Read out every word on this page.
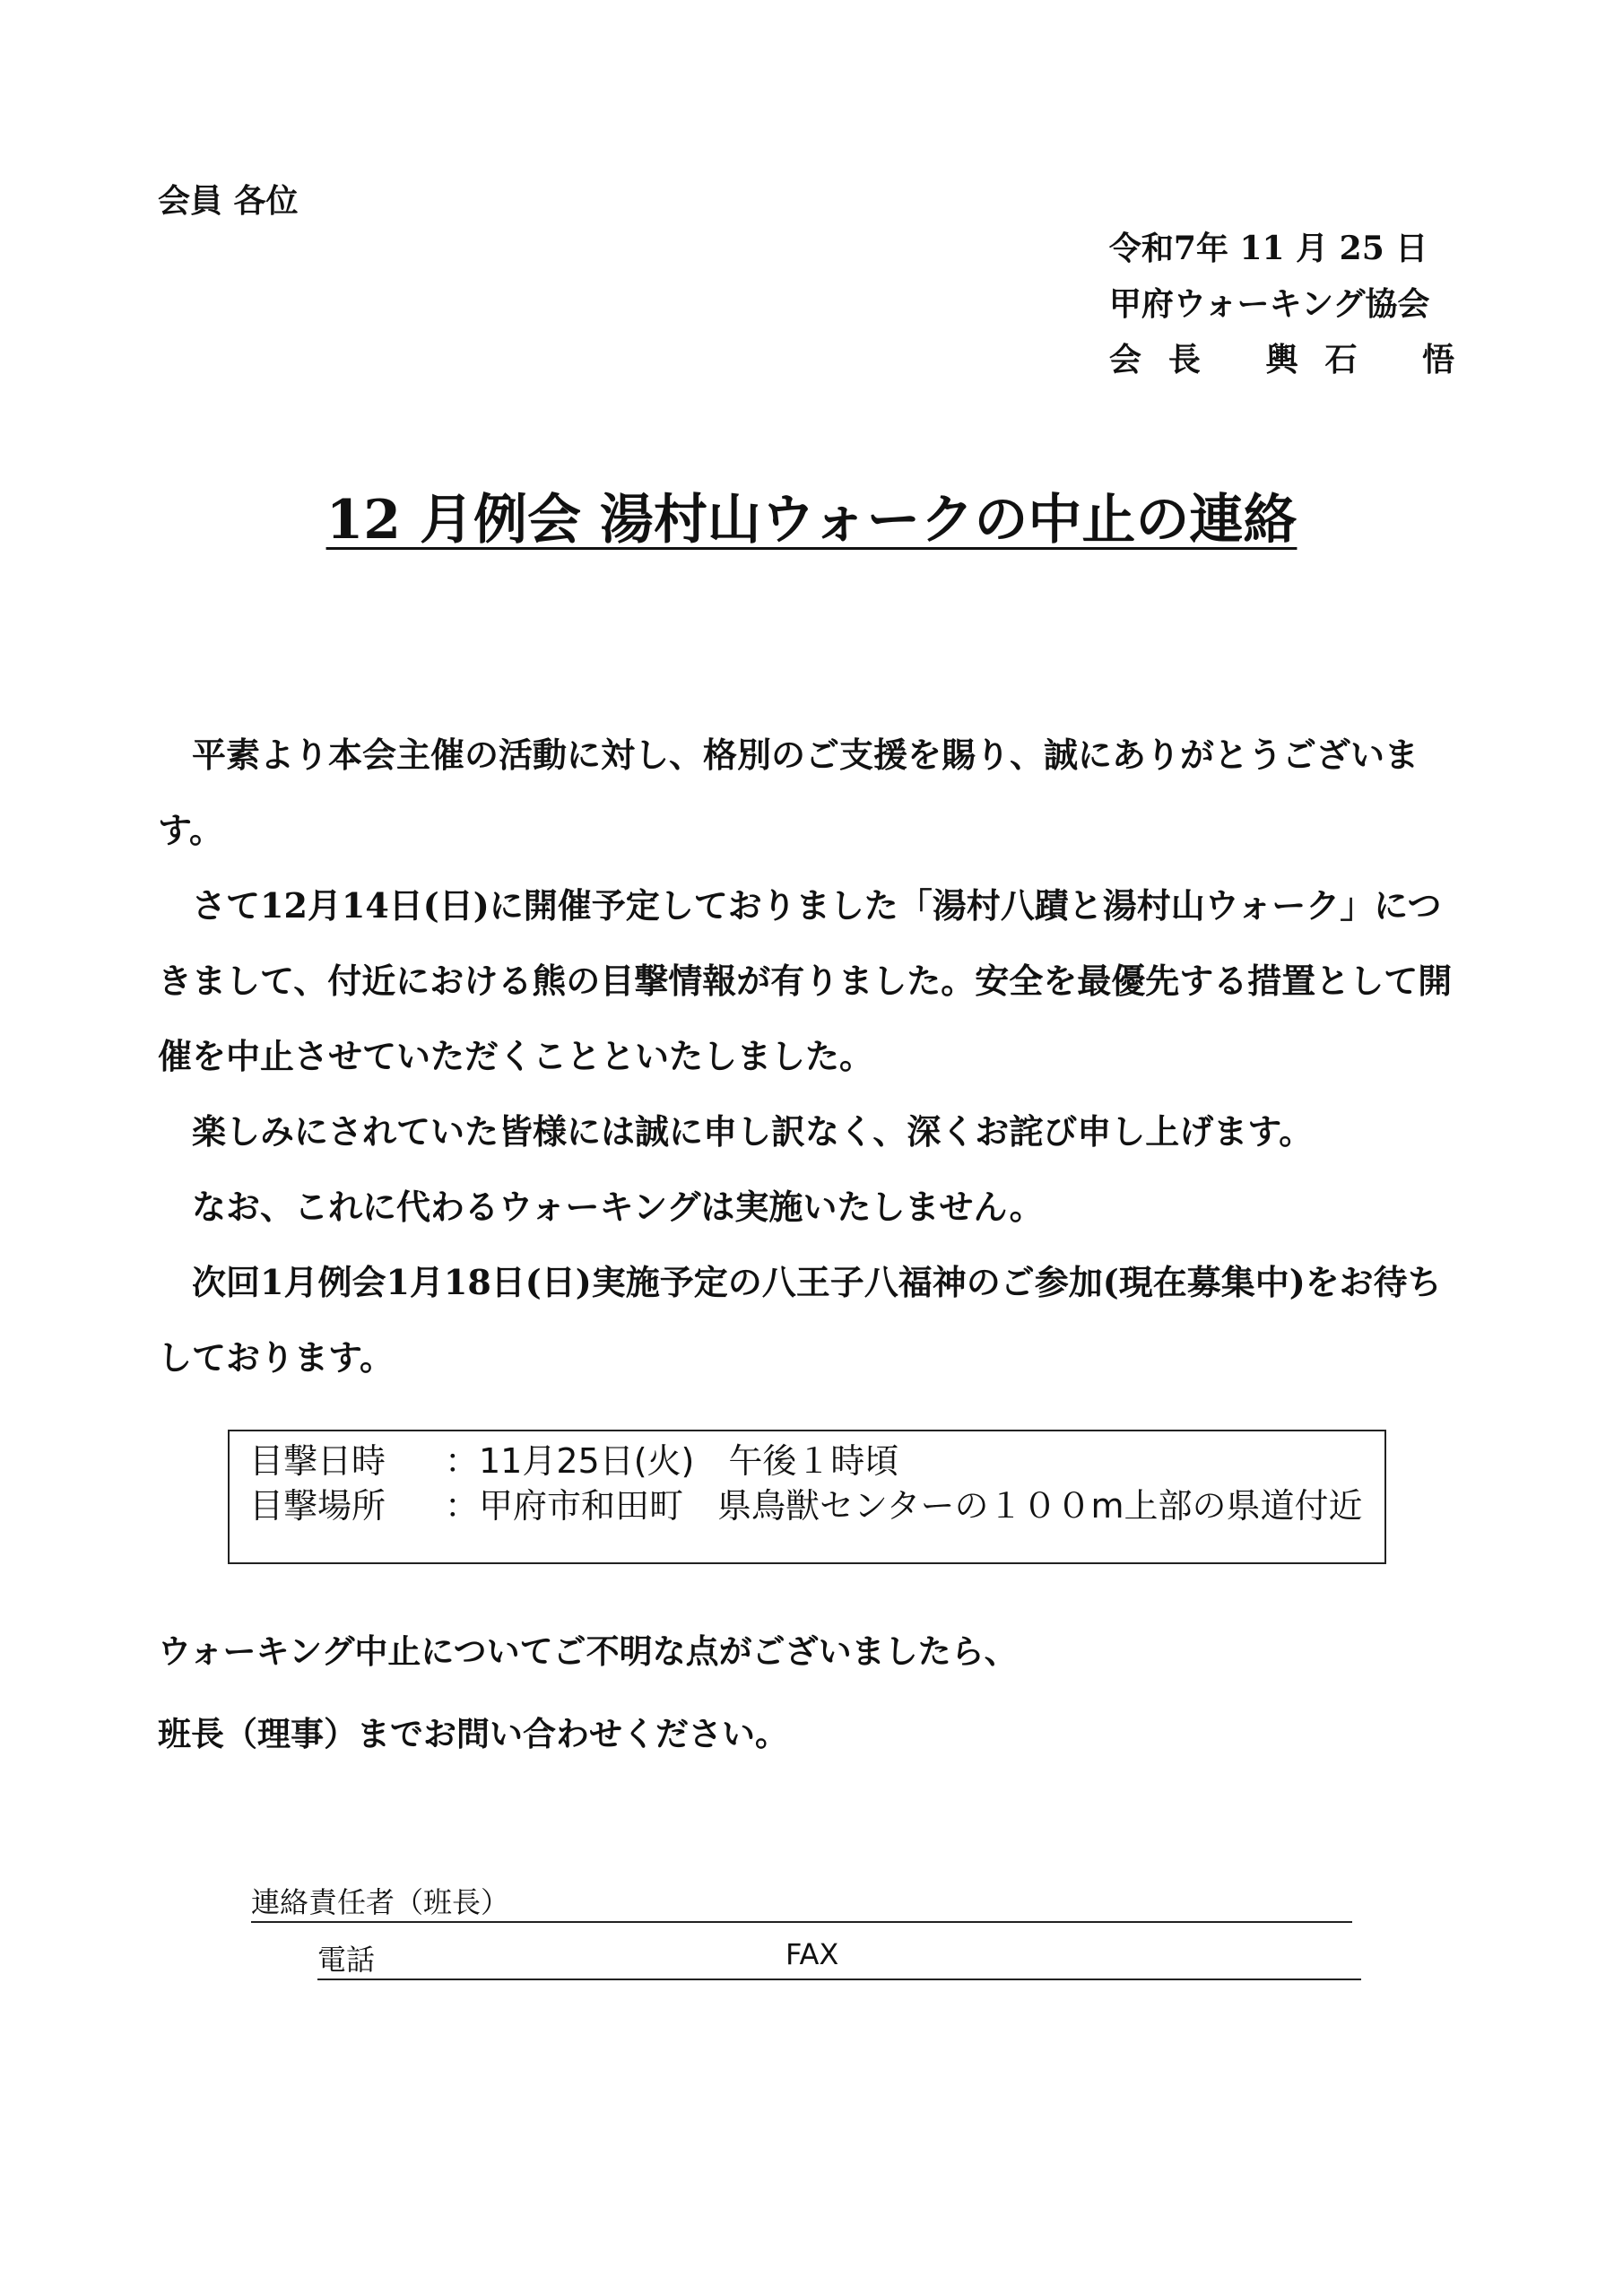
会員 各位
令和7年 11 月 25 日
甲府ウォーキング協会
会長 輿石 悟
12 月例会 湯村山ウォークの中止の連絡

　平素より本会主催の活動に対し、格別のご支援を賜り、誠にありがとうございます。

　さて12月14日(日)に開催予定しておりました「湯村八蹟と湯村山ウォーク」につきまして、付近における熊の目撃情報が有りました。安全を最優先する措置として開催を中止させていただくことといたしました。

　楽しみにされていた皆様には誠に申し訳なく、深くお詫び申し上げます。

　なお、これに代わるウォーキングは実施いたしません。

　次回1月例会1月18日(日)実施予定の八王子八福神のご参加(現在募集中)をお待ちしております。

目撃日時	： 11月25日(火)　午後１時頃
目撃場所	： 甲府市和田町　県鳥獣センターの１００m上部の県道付近
ウォーキング中止についてご不明な点がございましたら、
班長（理事）までお問い合わせください。
連絡責任者（班長）
電話	FAX
